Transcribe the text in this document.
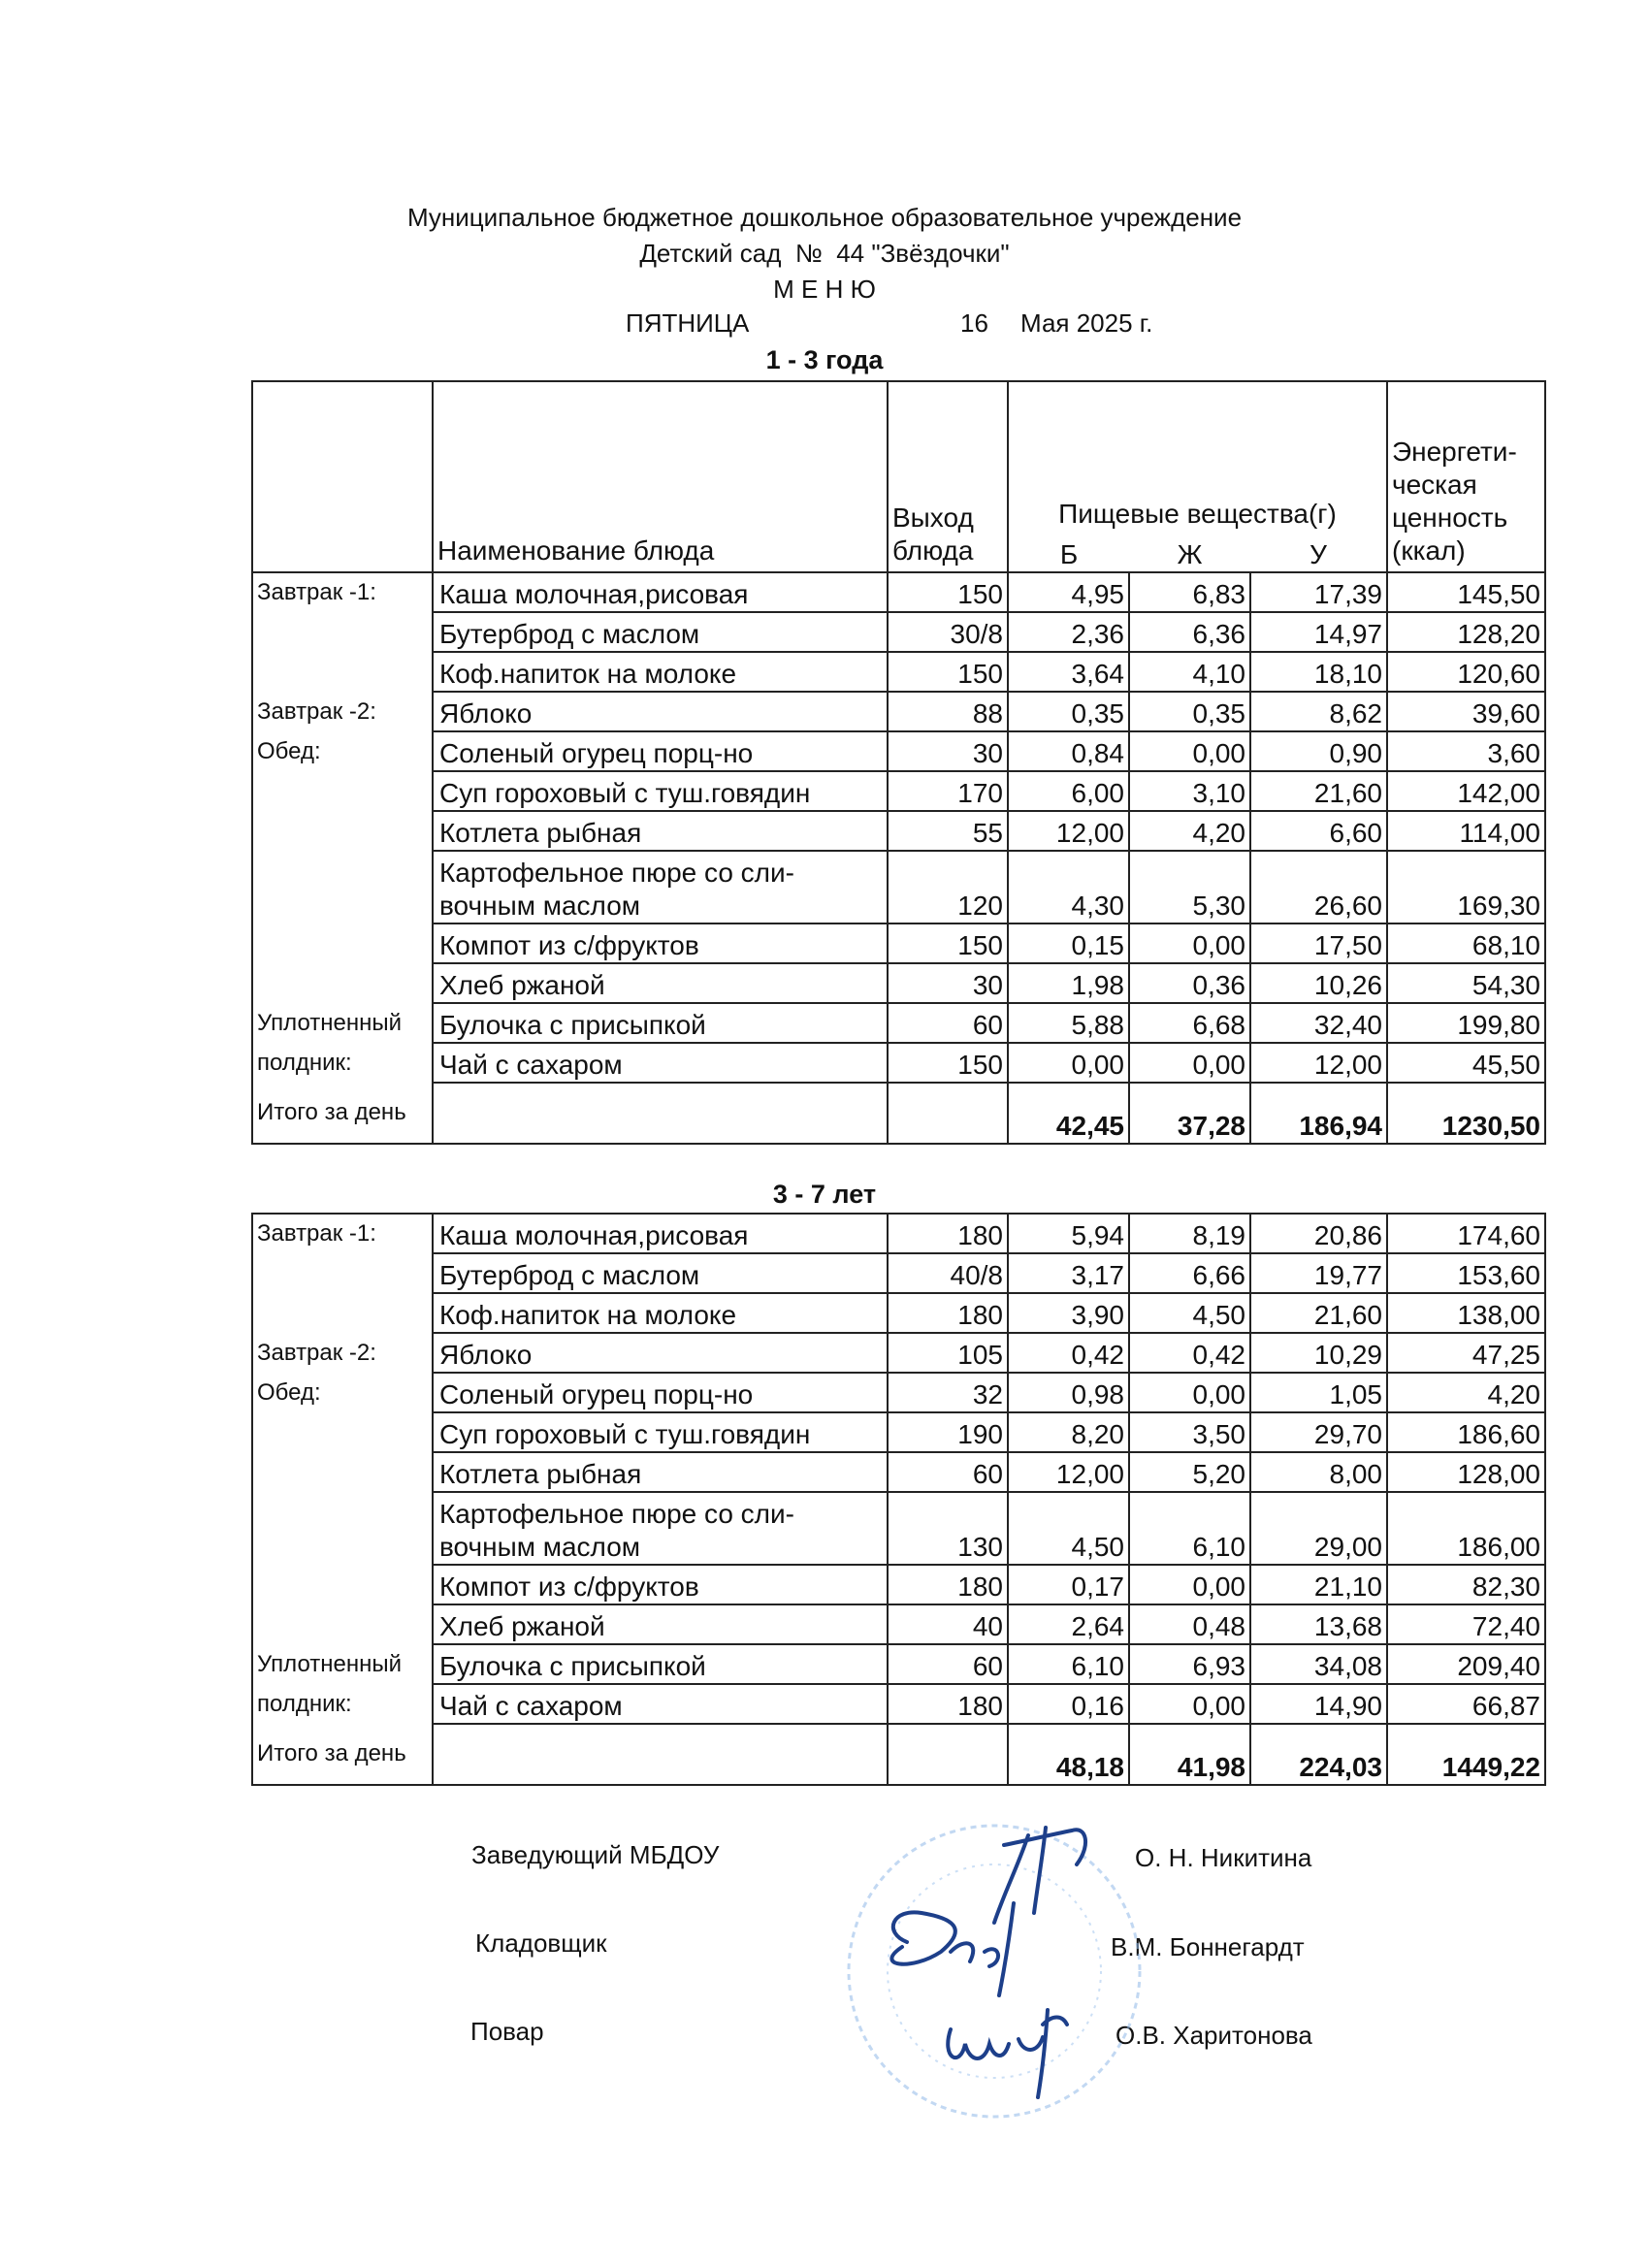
Муниципальное бюджетное дошкольное образовательное учреждение
Детский сад  №  44 "Звёздочки"
М Е Н Ю
ПЯТНИЦА	16 Мая 2025 г.
1 - 3 года
	Наименование блюда	Выход блюда	Пищевые вещества(г)			Энергети-ческая ценность (ккал)
			Б	Ж	У	
Завтрак -1:	Каша молочная,рисовая	150	4,95	6,83	17,39	145,50
	Бутерброд с маслом	30/8	2,36	6,36	14,97	128,20
	Коф.напиток на молоке	150	3,64	4,10	18,10	120,60
Завтрак -2:	Яблоко	88	0,35	0,35	8,62	39,60
Обед:	Соленый огурец порц-но	30	0,84	0,00	0,90	3,60
	Суп гороховый с туш.говядин	170	6,00	3,10	21,60	142,00
	Котлета рыбная	55	12,00	4,20	6,60	114,00
	Картофельное пюре со сли-вочным маслом	120	4,30	5,30	26,60	169,30
	Компот из с/фруктов	150	0,15	0,00	17,50	68,10
	Хлеб ржаной	30	1,98	0,36	10,26	54,30
Уплотненный	Булочка с присыпкой	60	5,88	6,68	32,40	199,80
полдник:	Чай с сахаром	150	0,00	0,00	12,00	45,50
Итого за день			42,45	37,28	186,94	1230,50
3 - 7 лет
Завтрак -1:	Каша молочная,рисовая	180	5,94	8,19	20,86	174,60
	Бутерброд с маслом	40/8	3,17	6,66	19,77	153,60
	Коф.напиток на молоке	180	3,90	4,50	21,60	138,00
Завтрак -2:	Яблоко	105	0,42	0,42	10,29	47,25
Обед:	Соленый огурец порц-но	32	0,98	0,00	1,05	4,20
	Суп гороховый с туш.говядин	190	8,20	3,50	29,70	186,60
	Котлета рыбная	60	12,00	5,20	8,00	128,00
	Картофельное пюре со сли-вочным маслом	130	4,50	6,10	29,00	186,00
	Компот из с/фруктов	180	0,17	0,00	21,10	82,30
	Хлеб ржаной	40	2,64	0,48	13,68	72,40
Уплотненный	Булочка с присыпкой	60	6,10	6,93	34,08	209,40
полдник:	Чай с сахаром	180	0,16	0,00	14,90	66,87
Итого за день			48,18	41,98	224,03	1449,22
Заведующий МБДОУ	О. Н. Никитина
Кладовщик	В.М. Боннегардт
Повар	О.В. Харитонова
